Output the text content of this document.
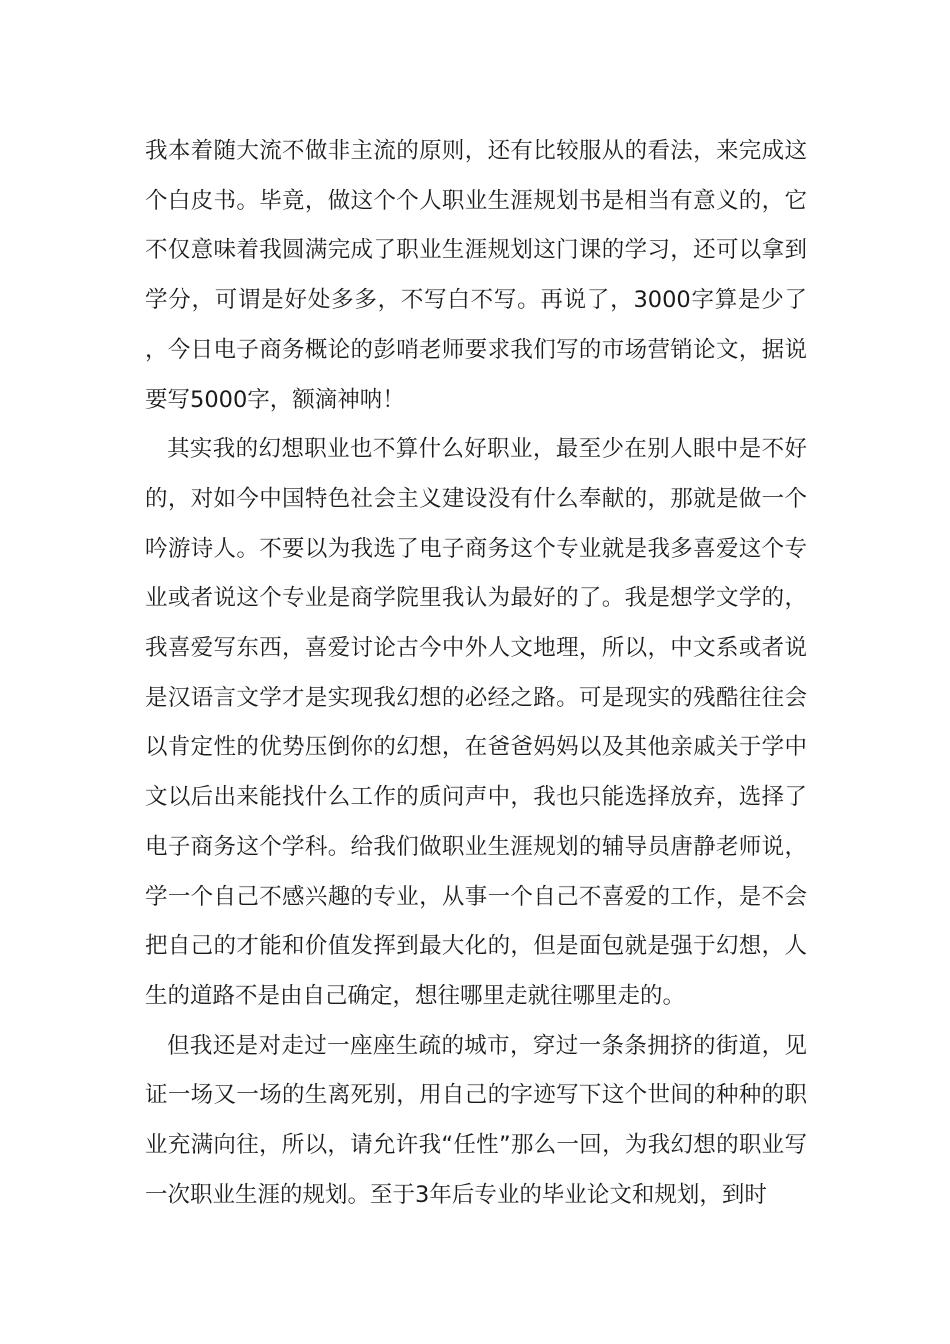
我本着随大流不做非主流的原则，还有比较服从的看法，来完成这个白皮书。毕竟，做这个个人职业生涯规划书是相当有意义的，它不仅意味着我圆满完成了职业生涯规划这门课的学习，还可以拿到学分，可谓是好处多多，不写白不写。再说了，3000字算是少了，今日电子商务概论的彭哨老师要求我们写的市场营销论文，据说要写5000字，额滴神呐！

其实我的幻想职业也不算什么好职业，最至少在别人眼中是不好的，对如今中国特色社会主义建设没有什么奉献的，那就是做一个吟游诗人。不要以为我选了电子商务这个专业就是我多喜爱这个专业或者说这个专业是商学院里我认为最好的了。我是想学文学的，我喜爱写东西，喜爱讨论古今中外人文地理，所以，中文系或者说是汉语言文学才是实现我幻想的必经之路。可是现实的残酷往往会以肯定性的优势压倒你的幻想，在爸爸妈妈以及其他亲戚关于学中文以后出来能找什么工作的质问声中，我也只能选择放弃，选择了电子商务这个学科。给我们做职业生涯规划的辅导员唐静老师说，学一个自己不感兴趣的专业，从事一个自己不喜爱的工作，是不会把自己的才能和价值发挥到最大化的，但是面包就是强于幻想，人生的道路不是由自己确定，想往哪里走就往哪里走的。

但我还是对走过一座座生疏的城市，穿过一条条拥挤的街道，见证一场又一场的生离死别，用自己的字迹写下这个世间的种种的职业充满向往，所以，请允许我“任性”那么一回，为我幻想的职业写一次职业生涯的规划。至于3年后专业的毕业论文和规划，到时
